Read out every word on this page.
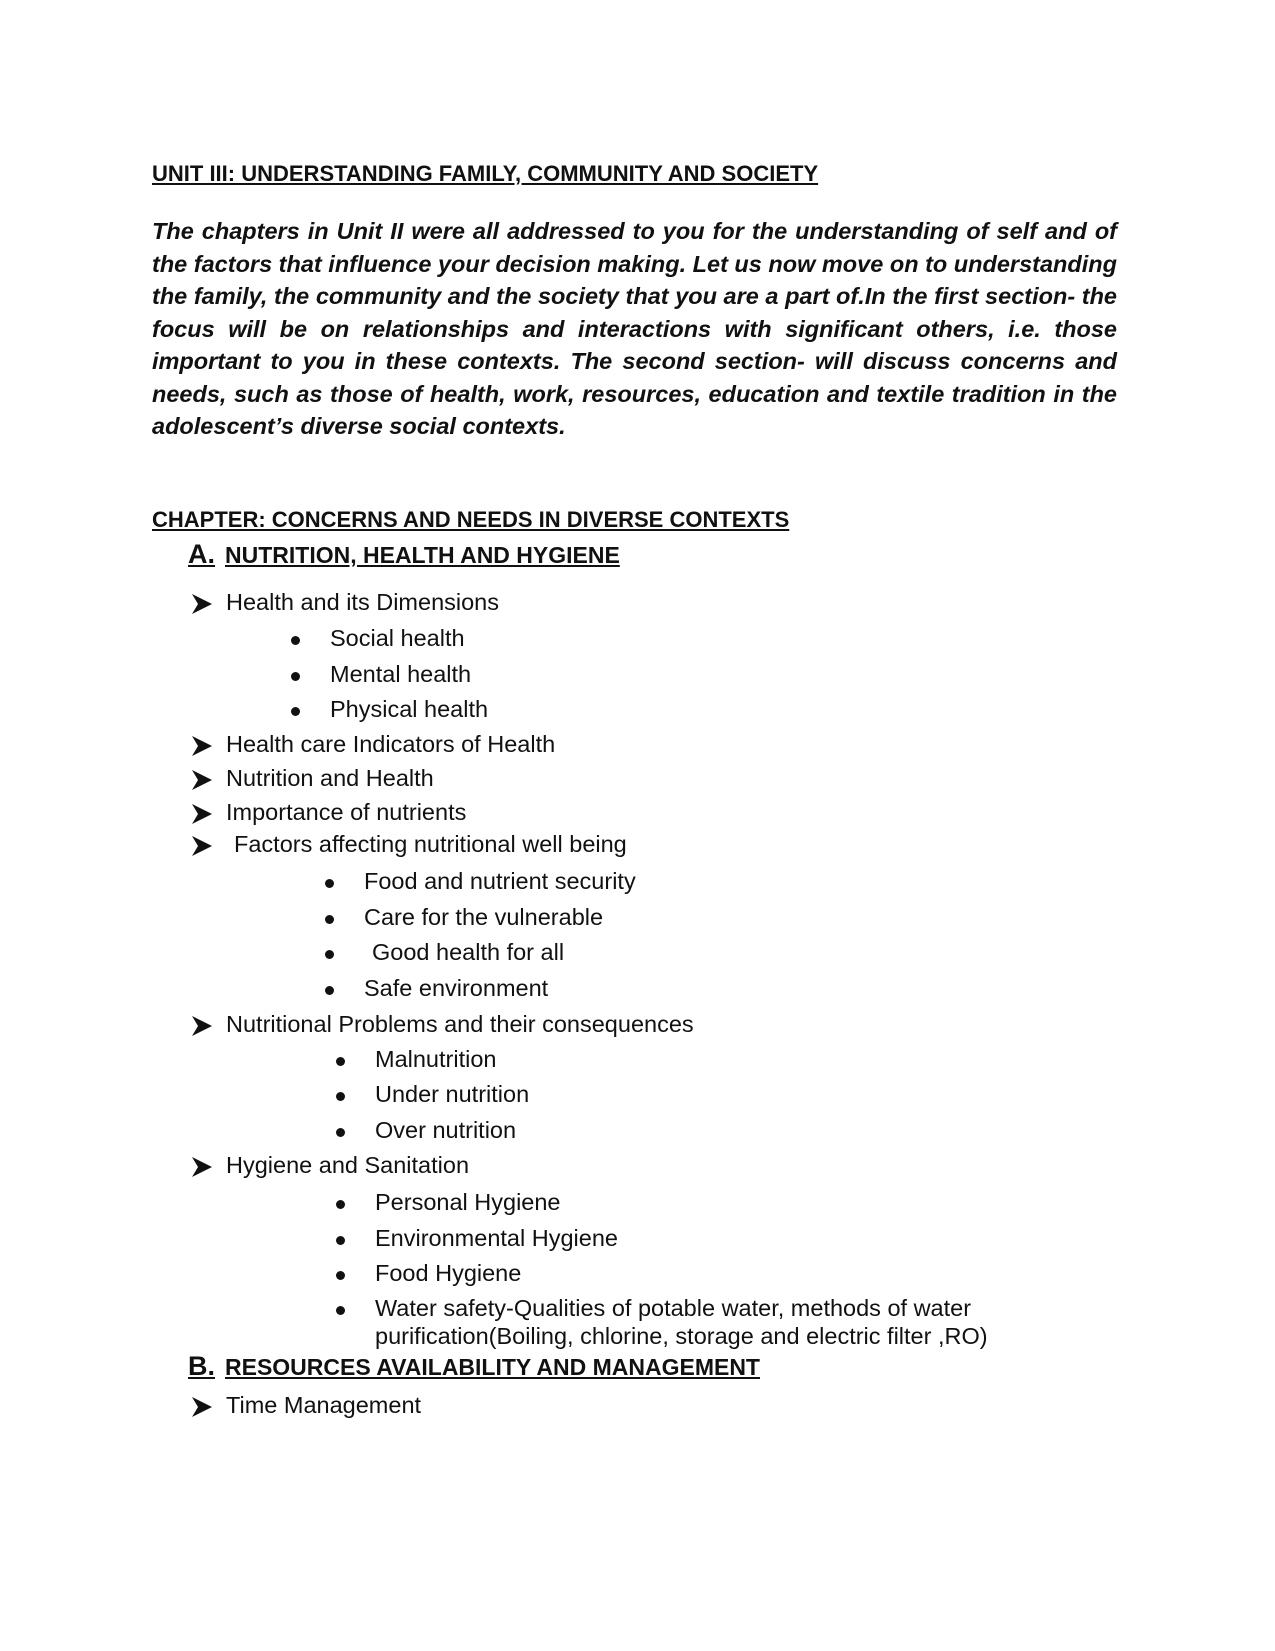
UNIT III: UNDERSTANDING FAMILY, COMMUNITY AND SOCIETY

The chapters in Unit II were all addressed to you for the understanding of self and of the factors that influence your decision making. Let us now move on to understanding the family, the community and the society that you are a part of.In the first section- the focus will be on relationships and interactions with significant others, i.e. those important to you in these contexts. The second section- will discuss concerns and needs, such as those of health, work, resources, education and textile tradition in the adolescent’s diverse social contexts.

CHAPTER: CONCERNS AND NEEDS IN DIVERSE CONTEXTS
A. NUTRITION, HEALTH AND HYGIENE
Health and its Dimensions
Social health
Mental health
Physical health
Health care Indicators of Health
Nutrition and Health
Importance of nutrients
Factors affecting nutritional well being
Food and nutrient security
Care for the vulnerable
Good health for all
Safe environment
Nutritional Problems and their consequences
Malnutrition
Under nutrition
Over nutrition
Hygiene and Sanitation
Personal Hygiene
Environmental Hygiene
Food Hygiene
Water safety-Qualities of potable water, methods of water purification(Boiling, chlorine, storage and electric filter ,RO)
B. RESOURCES AVAILABILITY AND MANAGEMENT
Time Management
